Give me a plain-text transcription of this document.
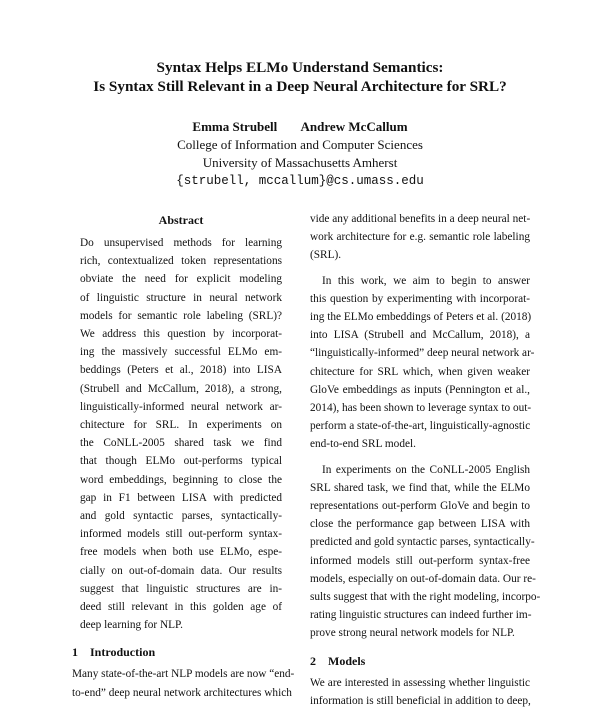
Syntax Helps ELMo Understand Semantics:
Is Syntax Still Relevant in a Deep Neural Architecture for SRL?
Emma Strubell Andrew McCallum
College of Information and Computer Sciences
University of Massachusetts Amherst
{strubell, mccallum}@cs.umass.edu
Abstract
Do unsupervised methods for learning
rich, contextualized token representations
obviate the need for explicit modeling
of linguistic structure in neural network
models for semantic role labeling (SRL)?
We address this question by incorporat-
ing the massively successful ELMo em-
beddings (Peters et al., 2018) into LISA
(Strubell and McCallum, 2018), a strong,
linguistically-informed neural network ar-
chitecture for SRL. In experiments on
the CoNLL-2005 shared task we find
that though ELMo out-performs typical
word embeddings, beginning to close the
gap in F1 between LISA with predicted
and gold syntactic parses, syntactically-
informed models still out-perform syntax-
free models when both use ELMo, espe-
cially on out-of-domain data. Our results
suggest that linguistic structures are in-
deed still relevant in this golden age of
deep learning for NLP.
1 Introduction
Many state-of-the-art NLP models are now “end-
to-end” deep neural network architectures which
vide any additional benefits in a deep neural net-
work architecture for e.g. semantic role labeling
(SRL).
In this work, we aim to begin to answer
this question by experimenting with incorporat-
ing the ELMo embeddings of Peters et al. (2018)
into LISA (Strubell and McCallum, 2018), a
“linguistically-informed” deep neural network ar-
chitecture for SRL which, when given weaker
GloVe embeddings as inputs (Pennington et al.,
2014), has been shown to leverage syntax to out-
perform a state-of-the-art, linguistically-agnostic
end-to-end SRL model.
In experiments on the CoNLL-2005 English
SRL shared task, we find that, while the ELMo
representations out-perform GloVe and begin to
close the performance gap between LISA with
predicted and gold syntactic parses, syntactically-
informed models still out-perform syntax-free
models, especially on out-of-domain data. Our re-
sults suggest that with the right modeling, incorpo-
rating linguistic structures can indeed further im-
prove strong neural network models for NLP.
2 Models
We are interested in assessing whether linguistic
information is still beneficial in addition to deep,
